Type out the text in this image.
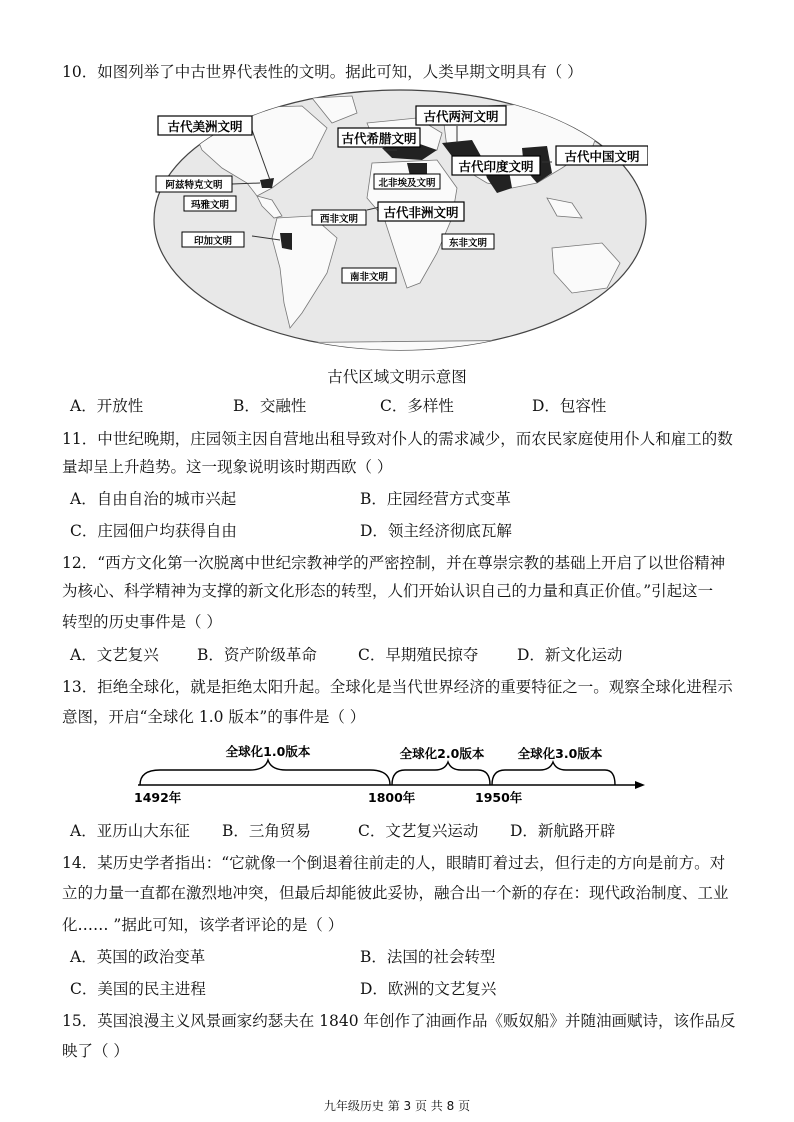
10．如图列举了中古世界代表性的文明。据此可知，人类早期文明具有（ ）
古代美洲文明
阿兹特克文明
玛雅文明
印加文明
古代希腊文明
古代两河文明
古代印度文明
古代中国文明
北非埃及文明
西非文明 古代非洲文明
东非文明
南非文明
古代区域文明示意图
A．开放性	B．交融性	C．多样性	D．包容性
11．中世纪晚期，庄园领主因自营地出租导致对仆人的需求减少，而农民家庭使用仆人和雇工的数
量却呈上升趋势。这一现象说明该时期西欧（ ）
A．自由自治的城市兴起	B．庄园经营方式变革
C．庄园佃户均获得自由	D．领主经济彻底瓦解
12．“西方文化第一次脱离中世纪宗教神学的严密控制，并在尊崇宗教的基础上开启了以世俗精神
为核心、科学精神为支撑的新文化形态的转型，人们开始认识自己的力量和真正价值。”引起这一
转型的历史事件是（ ）
A．文艺复兴 B．资产阶级革命	C．早期殖民掠夺 D．新文化运动
13．拒绝全球化，就是拒绝太阳升起。全球化是当代世界经济的重要特征之一。观察全球化进程示
意图，开启“全球化 1.0 版本”的事件是（ ）
全球化1.0版本	全球化2.0版本	全球化3.0版本
1492年	1800年	1950年
A．亚历山大东征 B．三角贸易	C．文艺复兴运动 D．新航路开辟
14．某历史学者指出：“它就像一个倒退着往前走的人，眼睛盯着过去，但行走的方向是前方。对
立的力量一直都在激烈地冲突，但最后却能彼此妥协，融合出一个新的存在：现代政治制度、工业
化…… ”据此可知，该学者评论的是（ ）
A．英国的政治变革	B．法国的社会转型
C．美国的民主进程	D．欧洲的文艺复兴
15．英国浪漫主义风景画家约瑟夫在 1840 年创作了油画作品《贩奴船》并随油画赋诗，该作品反
映了（ ）
九年级历史 第 3 页 共 8 页
